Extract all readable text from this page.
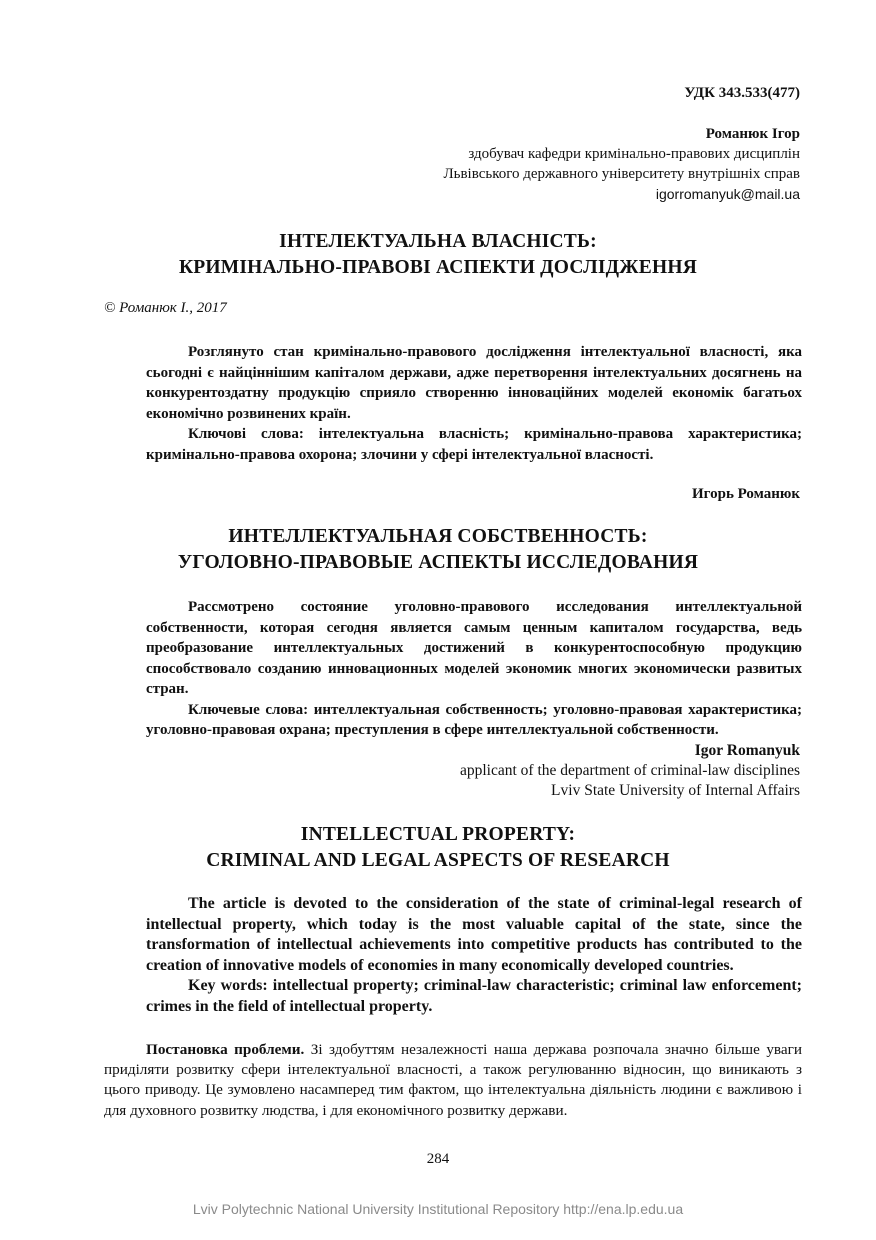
УДК 343.533(477)
Романюк Ігор
здобувач кафедри кримінально-правових дисциплін
Львівського державного університету внутрішніх справ
igorromanyuk@mail.ua
ІНТЕЛЕКТУАЛЬНА ВЛАСНІСТЬ:
КРИМІНАЛЬНО-ПРАВОВІ АСПЕКТИ ДОСЛІДЖЕННЯ
© Романюк І., 2017

Розглянуто стан кримінально-правового дослідження інтелектуальної власності, яка сьогодні є найціннішим капіталом держави, адже перетворення інтелектуальних досягнень на конкурентоздатну продукцію сприяло створенню інноваційних моделей економік багатьох економічно розвинених країн.

Ключові слова: інтелектуальна власність; кримінально-правова характеристика; кримінально-правова охорона; злочини у сфері інтелектуальної власності.

Игорь Романюк
ИНТЕЛЛЕКТУАЛЬНАЯ СОБСТВЕННОСТЬ:
УГОЛОВНО-ПРАВОВЫЕ АСПЕКТЫ ИССЛЕДОВАНИЯ

Рассмотрено состояние уголовно-правового исследования интеллектуальной собственности, которая сегодня является самым ценным капиталом государства, ведь преобразование интеллектуальных достижений в конкурентоспособную продукцию способствовало созданию инновационных моделей экономик многих экономически развитых стран.

Ключевые слова: интеллектуальная собственность; уголовно-правовая характеристика; уголовно-правовая охрана; преступления в сфере интеллектуальной собственности.

Igor Romanyuk
applicant of the department of criminal-law disciplines
Lviv State University of Internal Affairs
INTELLECTUAL PROPERTY:
CRIMINAL AND LEGAL ASPECTS OF RESEARCH

The article is devoted to the consideration of the state of criminal-legal research of intellectual property, which today is the most valuable capital of the state, since the transformation of intellectual achievements into competitive products has contributed to the creation of innovative models of economies in many economically developed countries.

Key words: intellectual property; criminal-law characteristic; criminal law enforcement; crimes in the field of intellectual property.

Постановка проблеми. Зі здобуттям незалежності наша держава розпочала значно більше уваги приділяти розвитку сфери інтелектуальної власності, а також регулюванню відносин, що виникають з цього приводу. Це зумовлено насамперед тим фактом, що інтелектуальна діяльність людини є важливою і для духовного розвитку людства, і для економічного розвитку держави.

284
Lviv Polytechnic National University Institutional Repository http://ena.lp.edu.ua
